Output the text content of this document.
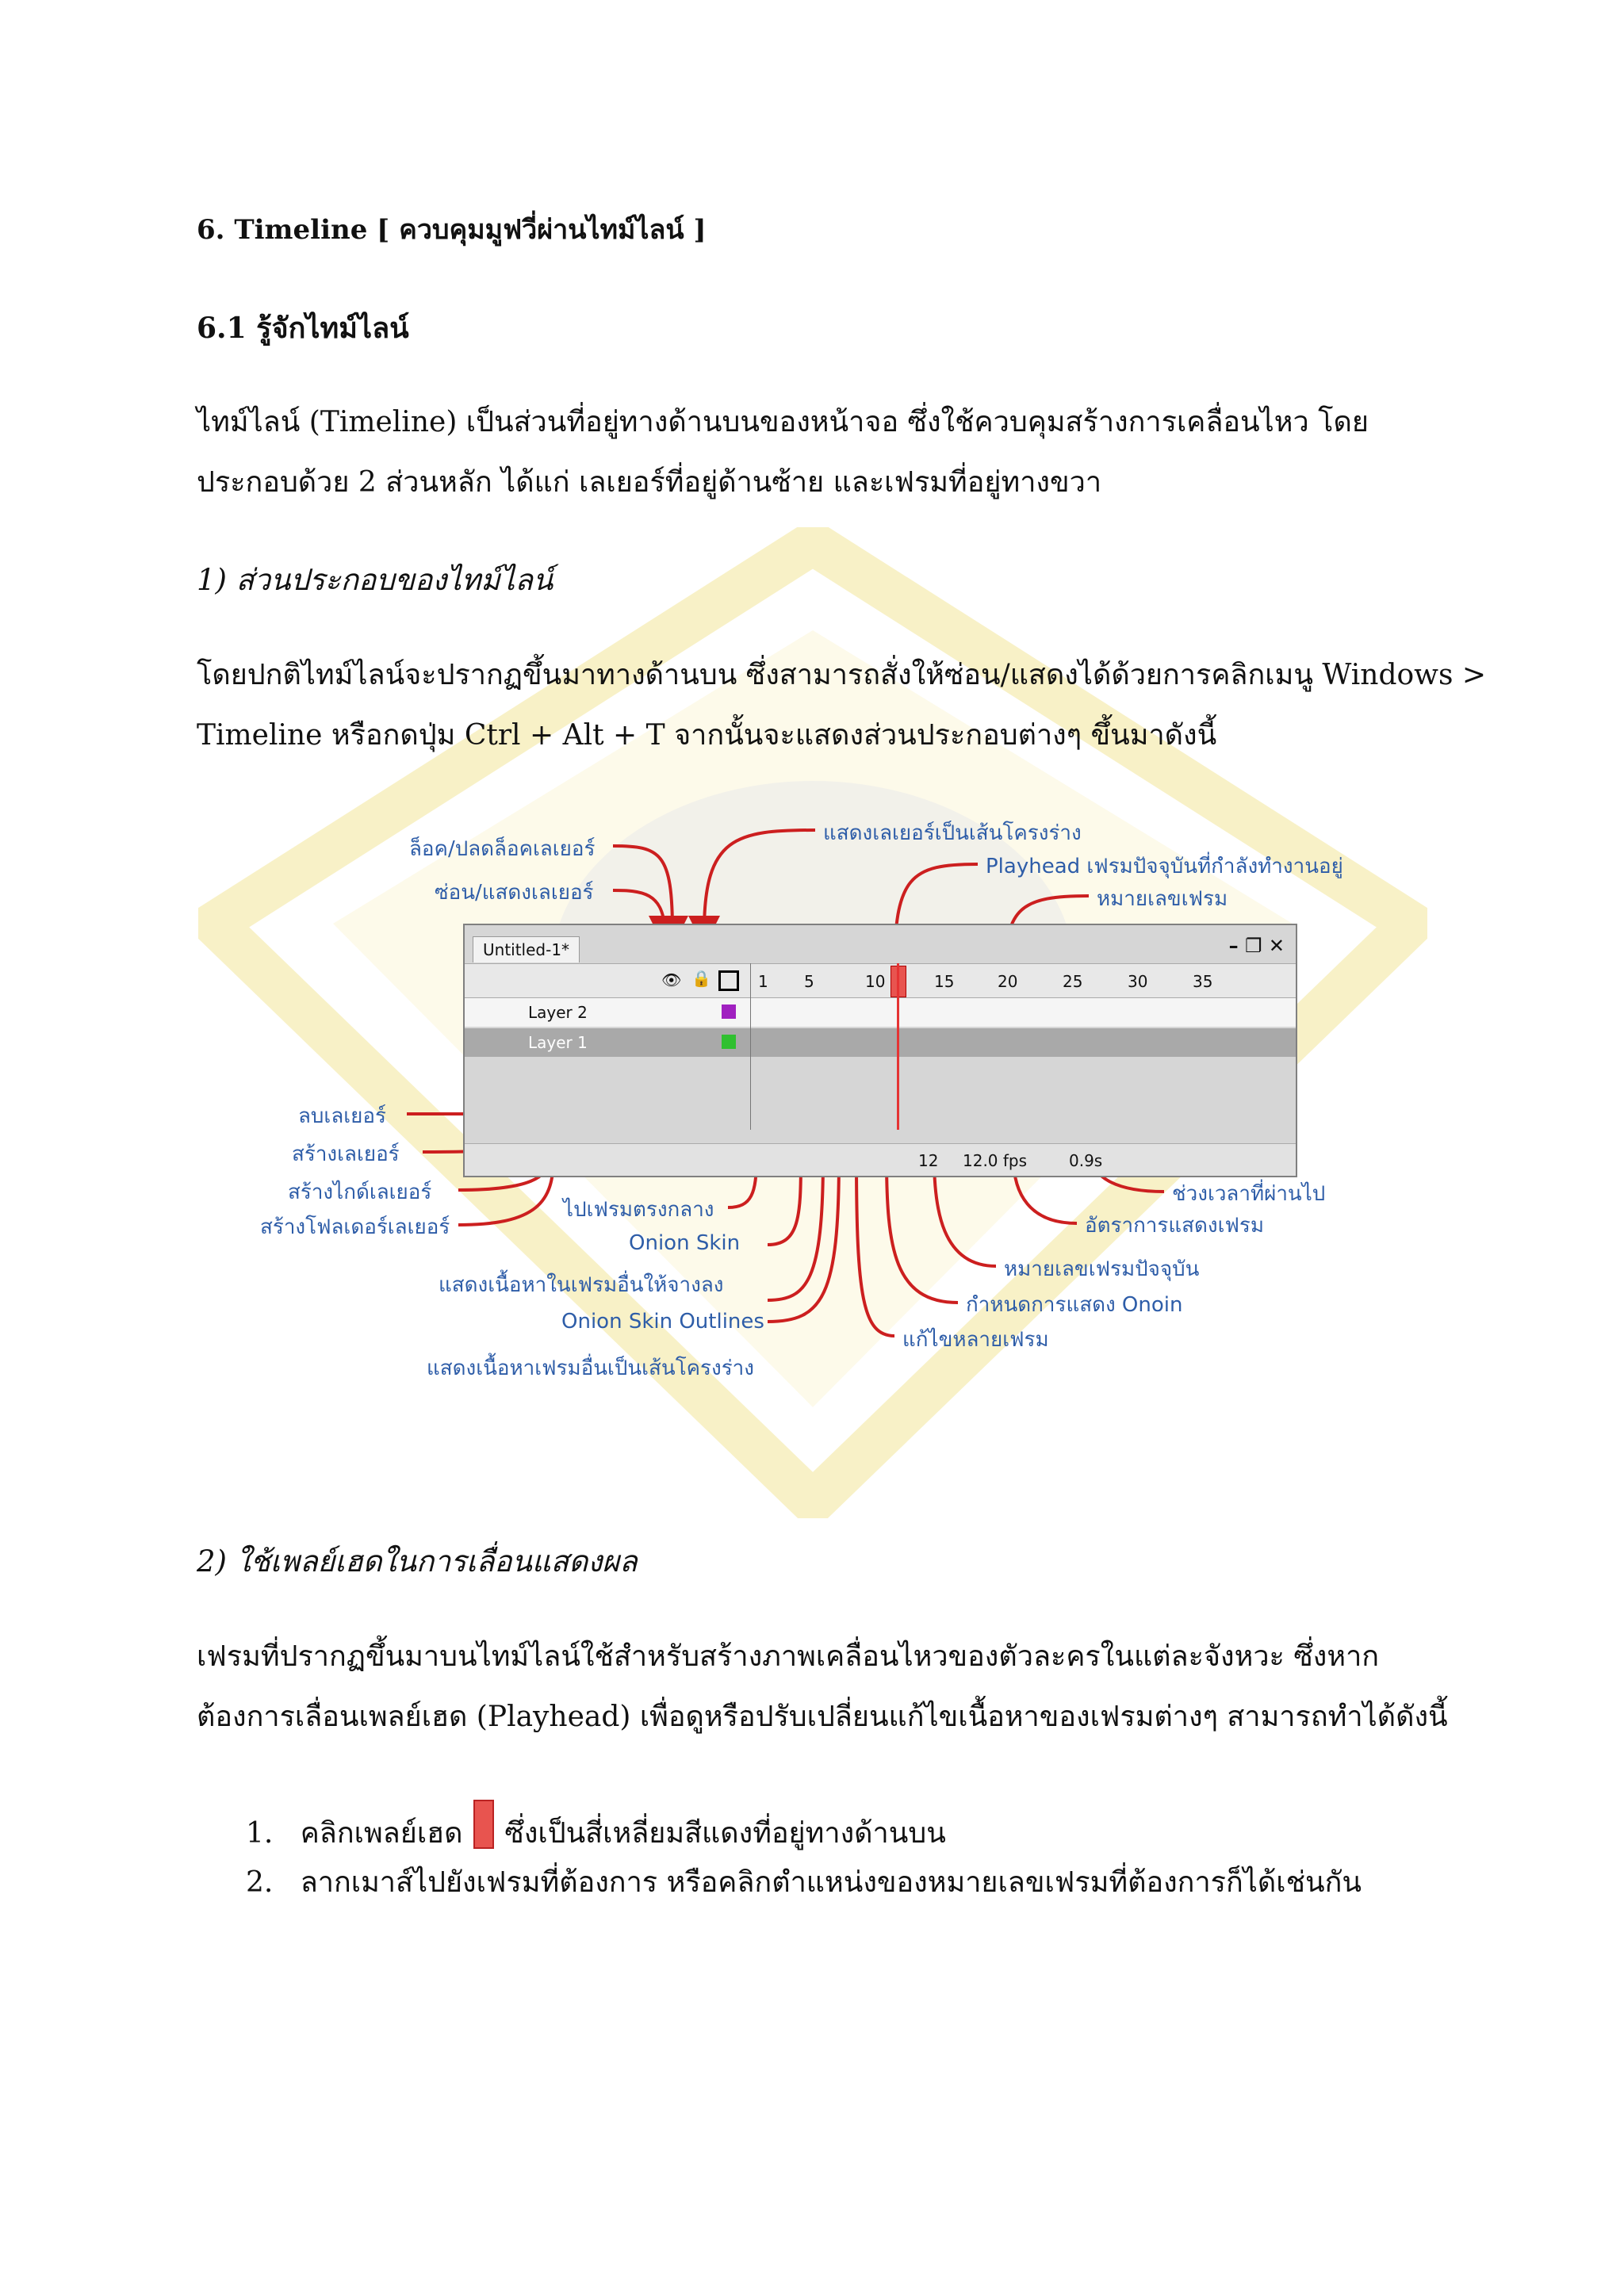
6. Timeline [ ควบคุมมูฟวี่ผ่านไทม์ไลน์ ]
6.1 รู้จักไทม์ไลน์
ไทม์ไลน์ (Timeline) เป็นส่วนที่อยู่ทางด้านบนของหน้าจอ ซึ่งใช้ควบคุมสร้างการเคลื่อนไหว โดย
ประกอบด้วย 2 ส่วนหลัก ได้แก่ เลเยอร์ที่อยู่ด้านซ้าย และเฟรมที่อยู่ทางขวา
1) ส่วนประกอบของไทม์ไลน์
โดยปกติไทม์ไลน์จะปรากฏขึ้นมาทางด้านบน ซึ่งสามารถสั่งให้ซ่อน/แสดงได้ด้วยการคลิกเมนู Windows >
Timeline หรือกดปุ่ม Ctrl + Alt + T จากนั้นจะแสดงส่วนประกอบต่างๆ ขึ้นมาดังนี้
ล็อค/ปลดล็อคเลเยอร์
ซ่อน/แสดงเลเยอร์
แสดงเลเยอร์เป็นเส้นโครงร่าง
Playhead เฟรมปัจจุบันที่กำลังทำงานอยู่
หมายเลขเฟรม
ลบเลเยอร์
สร้างเลเยอร์
สร้างไกด์เลเยอร์
สร้างโฟลเดอร์เลเยอร์
ไปเฟรมตรงกลาง
Onion Skin
แสดงเนื้อหาในเฟรมอื่นให้จางลง
Onion Skin Outlines
แสดงเนื้อหาเฟรมอื่นเป็นเส้นโครงร่าง
ช่วงเวลาที่ผ่านไป
อัตราการแสดงเฟรม
หมายเลขเฟรมปัจจุบัน
กำหนดการแสดง Onoin
แก้ไขหลายเฟรม
Untitled-1*	– ❐ ✕
👁 🔒	1 5	10	15	20	25	30	35
Layer 2
Layer 1
12 12.0 fps	0.9s
2) ใช้เพลย์เฮดในการเลื่อนแสดงผล
เฟรมที่ปรากฏขึ้นมาบนไทม์ไลน์ใช้สำหรับสร้างภาพเคลื่อนไหวของตัวละครในแต่ละจังหวะ ซึ่งหาก
ต้องการเลื่อนเพลย์เฮด (Playhead) เพื่อดูหรือปรับเปลี่ยนแก้ไขเนื้อหาของเฟรมต่างๆ สามารถทำได้ดังนี้
1. คลิกเพลย์เฮด ซึ่งเป็นสี่เหลี่ยมสีแดงที่อยู่ทางด้านบน
2. ลากเมาส์ไปยังเฟรมที่ต้องการ หรือคลิกตำแหน่งของหมายเลขเฟรมที่ต้องการก็ได้เช่นกัน
